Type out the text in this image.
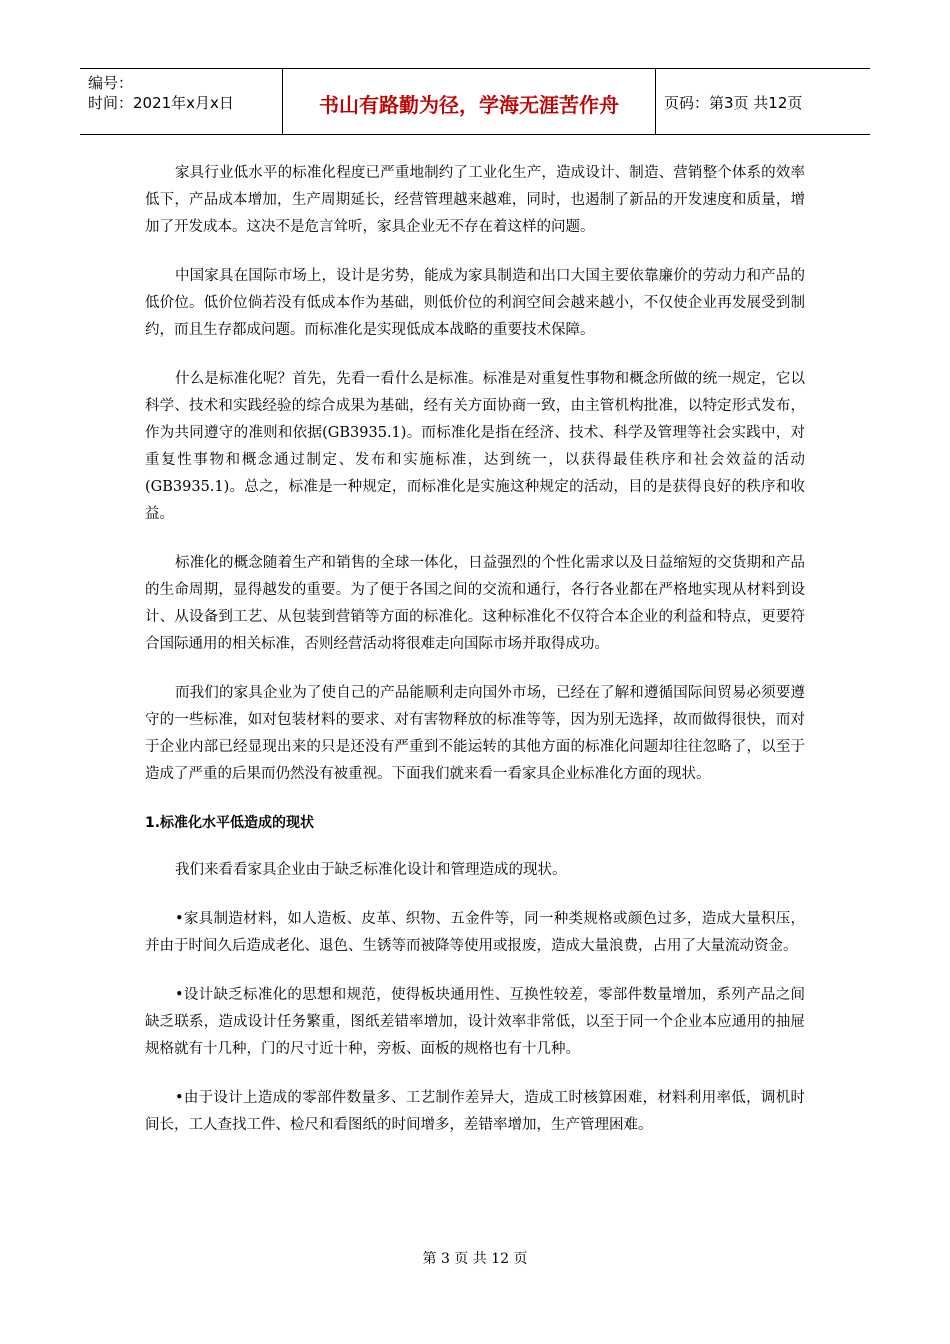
编号：
时间：2021年x月x日	书山有路勤为径，学海无涯苦作舟	页码：第3页 共12页

家具行业低水平的标准化程度已严重地制约了工业化生产，造成设计、制造、营销整个体系的效率低下，产品成本增加，生产周期延长，经营管理越来越难，同时，也遏制了新品的开发速度和质量，增加了开发成本。这决不是危言耸听，家具企业无不存在着这样的问题。

中国家具在国际市场上，设计是劣势，能成为家具制造和出口大国主要依靠廉价的劳动力和产品的低价位。低价位倘若没有低成本作为基础，则低价位的利润空间会越来越小，不仅使企业再发展受到制约，而且生存都成问题。而标准化是实现低成本战略的重要技术保障。

什么是标准化呢？首先，先看一看什么是标准。标准是对重复性事物和概念所做的统一规定，它以科学、技术和实践经验的综合成果为基础，经有关方面协商一致，由主管机构批准，以特定形式发布，作为共同遵守的准则和依据(GB3935.1)。而标准化是指在经济、技术、科学及管理等社会实践中，对重复性事物和概念通过制定、发布和实施标准，达到统一，以获得最佳秩序和社会效益的活动(GB3935.1)。总之，标准是一种规定，而标准化是实施这种规定的活动，目的是获得良好的秩序和收益。

标准化的概念随着生产和销售的全球一体化，日益强烈的个性化需求以及日益缩短的交货期和产品的生命周期，显得越发的重要。为了便于各国之间的交流和通行，各行各业都在严格地实现从材料到设计、从设备到工艺、从包装到营销等方面的标准化。这种标准化不仅符合本企业的利益和特点，更要符合国际通用的相关标准，否则经营活动将很难走向国际市场并取得成功。

而我们的家具企业为了使自己的产品能顺利走向国外市场，已经在了解和遵循国际间贸易必须要遵守的一些标准，如对包装材料的要求、对有害物释放的标准等等，因为别无选择，故而做得很快，而对于企业内部已经显现出来的只是还没有严重到不能运转的其他方面的标准化问题却往往忽略了，以至于造成了严重的后果而仍然没有被重视。下面我们就来看一看家具企业标准化方面的现状。

1.标准化水平低造成的现状

我们来看看家具企业由于缺乏标准化设计和管理造成的现状。

•家具制造材料，如人造板、皮革、织物、五金件等，同一种类规格或颜色过多，造成大量积压，并由于时间久后造成老化、退色、生锈等而被降等使用或报废，造成大量浪费，占用了大量流动资金。

•设计缺乏标准化的思想和规范，使得板块通用性、互换性较差，零部件数量增加，系列产品之间缺乏联系，造成设计任务繁重，图纸差错率增加，设计效率非常低，以至于同一个企业本应通用的抽屉规格就有十几种，门的尺寸近十种，旁板、面板的规格也有十几种。

•由于设计上造成的零部件数量多、工艺制作差异大，造成工时核算困难，材料利用率低，调机时间长，工人查找工件、检尺和看图纸的时间增多，差错率增加，生产管理困难。

第 3 页 共 12 页
